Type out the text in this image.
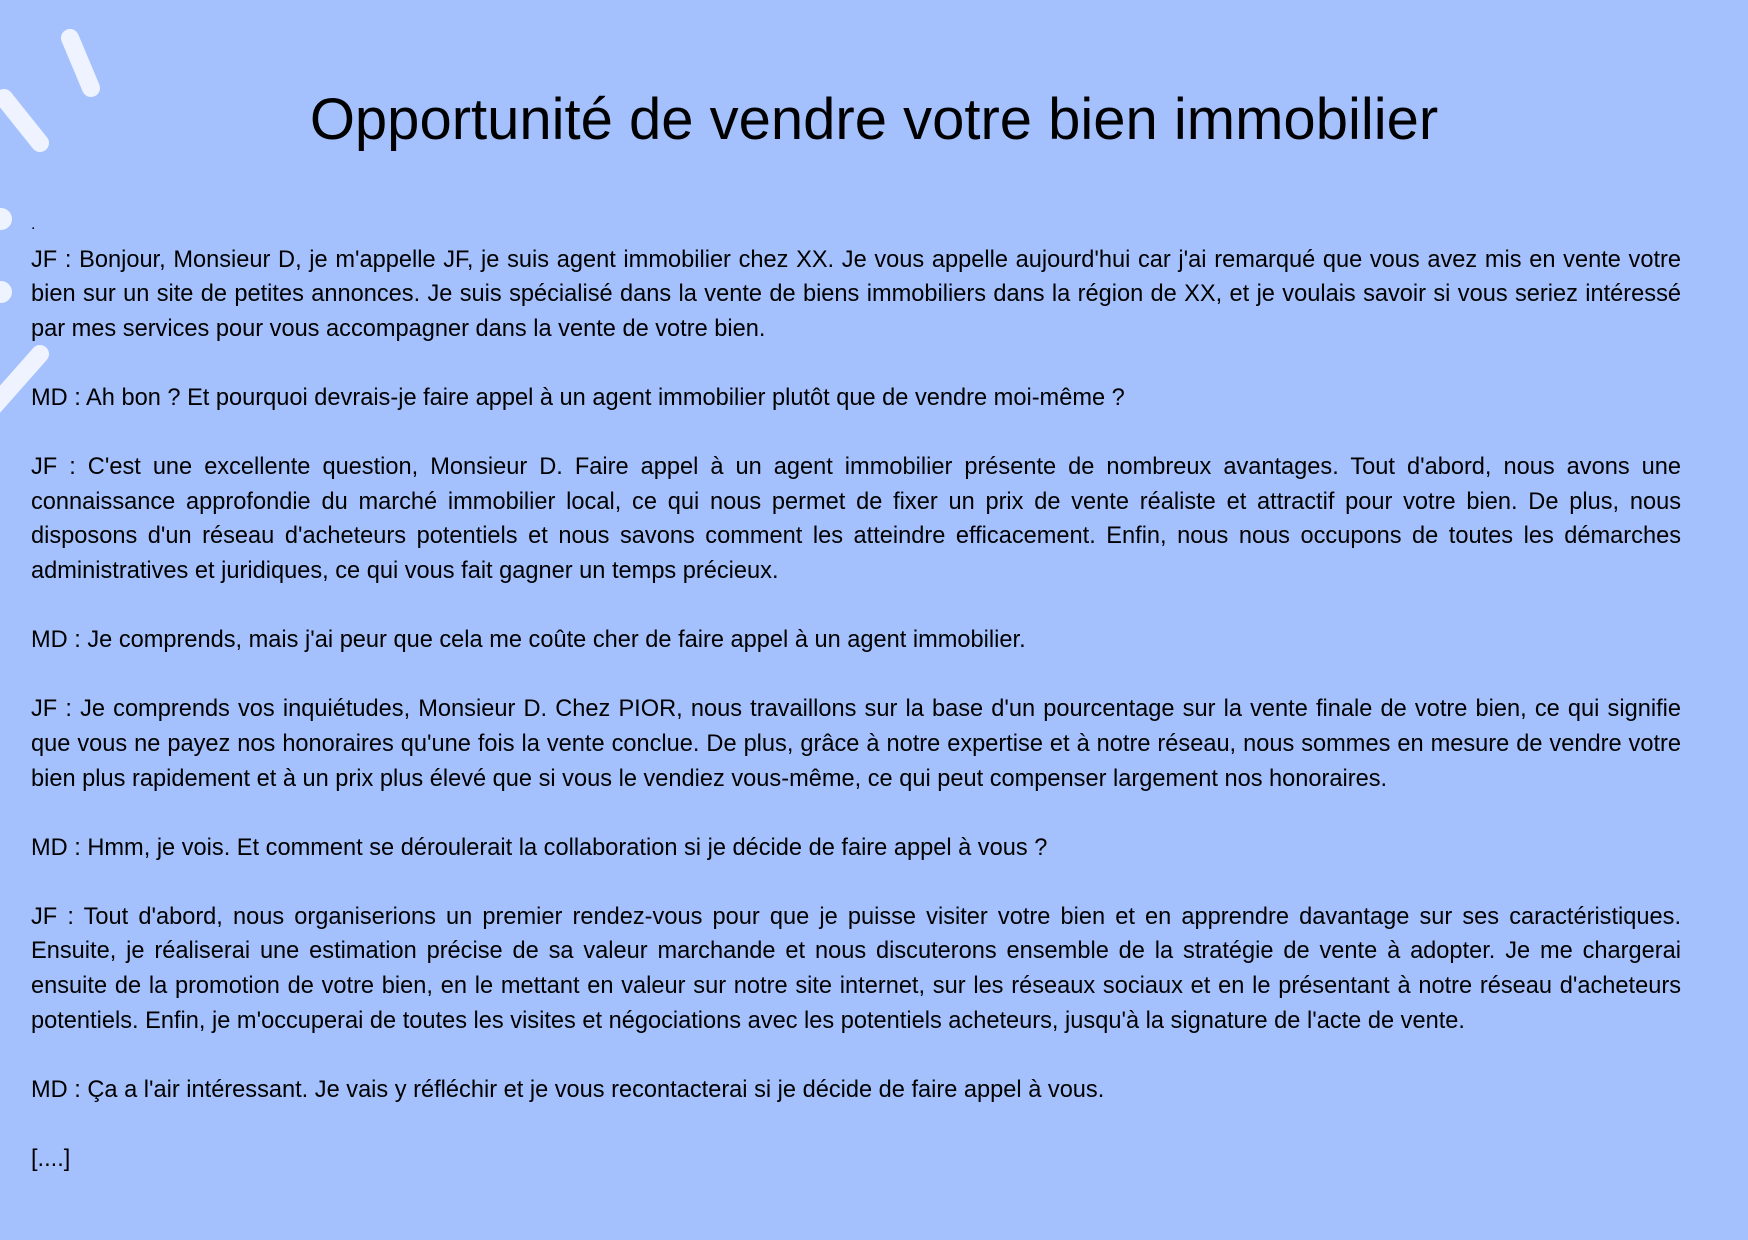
Opportunité de vendre votre bien immobilier

.

JF : Bonjour, Monsieur D, je m'appelle JF, je suis agent immobilier chez XX. Je vous appelle aujourd'hui car j'ai remarqué que vous avez mis en vente votre bien sur un site de petites annonces. Je suis spécialisé dans la vente de biens immobiliers dans la région de XX, et je voulais savoir si vous seriez intéressé par mes services pour vous accompagner dans la vente de votre bien.

MD : Ah bon ? Et pourquoi devrais-je faire appel à un agent immobilier plutôt que de vendre moi-même ?

JF : C'est une excellente question, Monsieur D. Faire appel à un agent immobilier présente de nombreux avantages. Tout d'abord, nous avons une connaissance approfondie du marché immobilier local, ce qui nous permet de fixer un prix de vente réaliste et attractif pour votre bien. De plus, nous disposons d'un réseau d'acheteurs potentiels et nous savons comment les atteindre efficacement. Enfin, nous nous occupons de toutes les démarches administratives et juridiques, ce qui vous fait gagner un temps précieux.

MD : Je comprends, mais j'ai peur que cela me coûte cher de faire appel à un agent immobilier.

JF : Je comprends vos inquiétudes, Monsieur D. Chez PIOR, nous travaillons sur la base d'un pourcentage sur la vente finale de votre bien, ce qui signifie que vous ne payez nos honoraires qu'une fois la vente conclue. De plus, grâce à notre expertise et à notre réseau, nous sommes en mesure de vendre votre bien plus rapidement et à un prix plus élevé que si vous le vendiez vous-même, ce qui peut compenser largement nos honoraires.

MD : Hmm, je vois. Et comment se déroulerait la collaboration si je décide de faire appel à vous ?

JF : Tout d'abord, nous organiserions un premier rendez-vous pour que je puisse visiter votre bien et en apprendre davantage sur ses caractéristiques. Ensuite, je réaliserai une estimation précise de sa valeur marchande et nous discuterons ensemble de la stratégie de vente à adopter. Je me chargerai ensuite de la promotion de votre bien, en le mettant en valeur sur notre site internet, sur les réseaux sociaux et en le présentant à notre réseau d'acheteurs potentiels. Enfin, je m'occuperai de toutes les visites et négociations avec les potentiels acheteurs, jusqu'à la signature de l'acte de vente.

MD : Ça a l'air intéressant. Je vais y réfléchir et je vous recontacterai si je décide de faire appel à vous.

[....]
